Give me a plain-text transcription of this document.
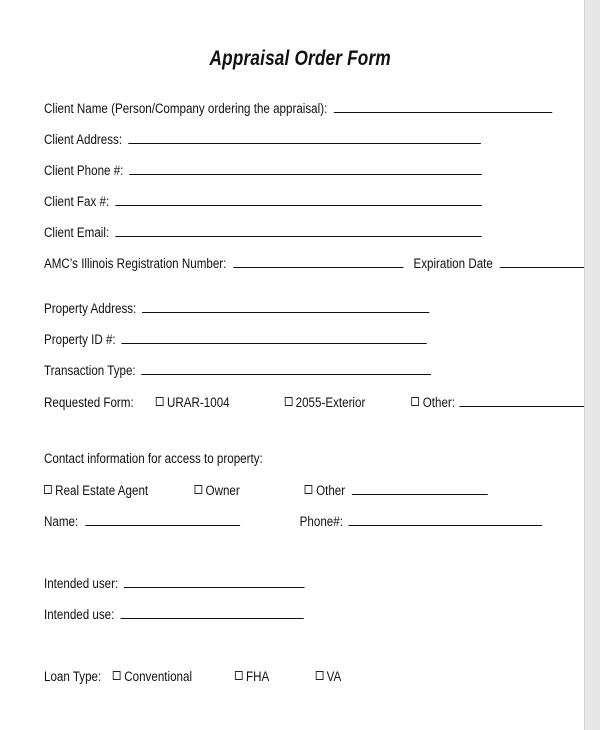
Appraisal Order Form
Client Name (Person/Company ordering the appraisal):
Client Address:
Client Phone #:
Client Fax #:
Client Email:
AMC’s Illinois Registration Number:	Expiration Date
Property Address:
Property ID #:
Transaction Type:
Requested Form: URAR-1004	2055-Exterior	Other:
Contact information for access to property:
Real Estate Agent	Owner	Other
Name:	Phone#:
Intended user:
Intended use:
Loan Type: Conventional	FHA	VA
